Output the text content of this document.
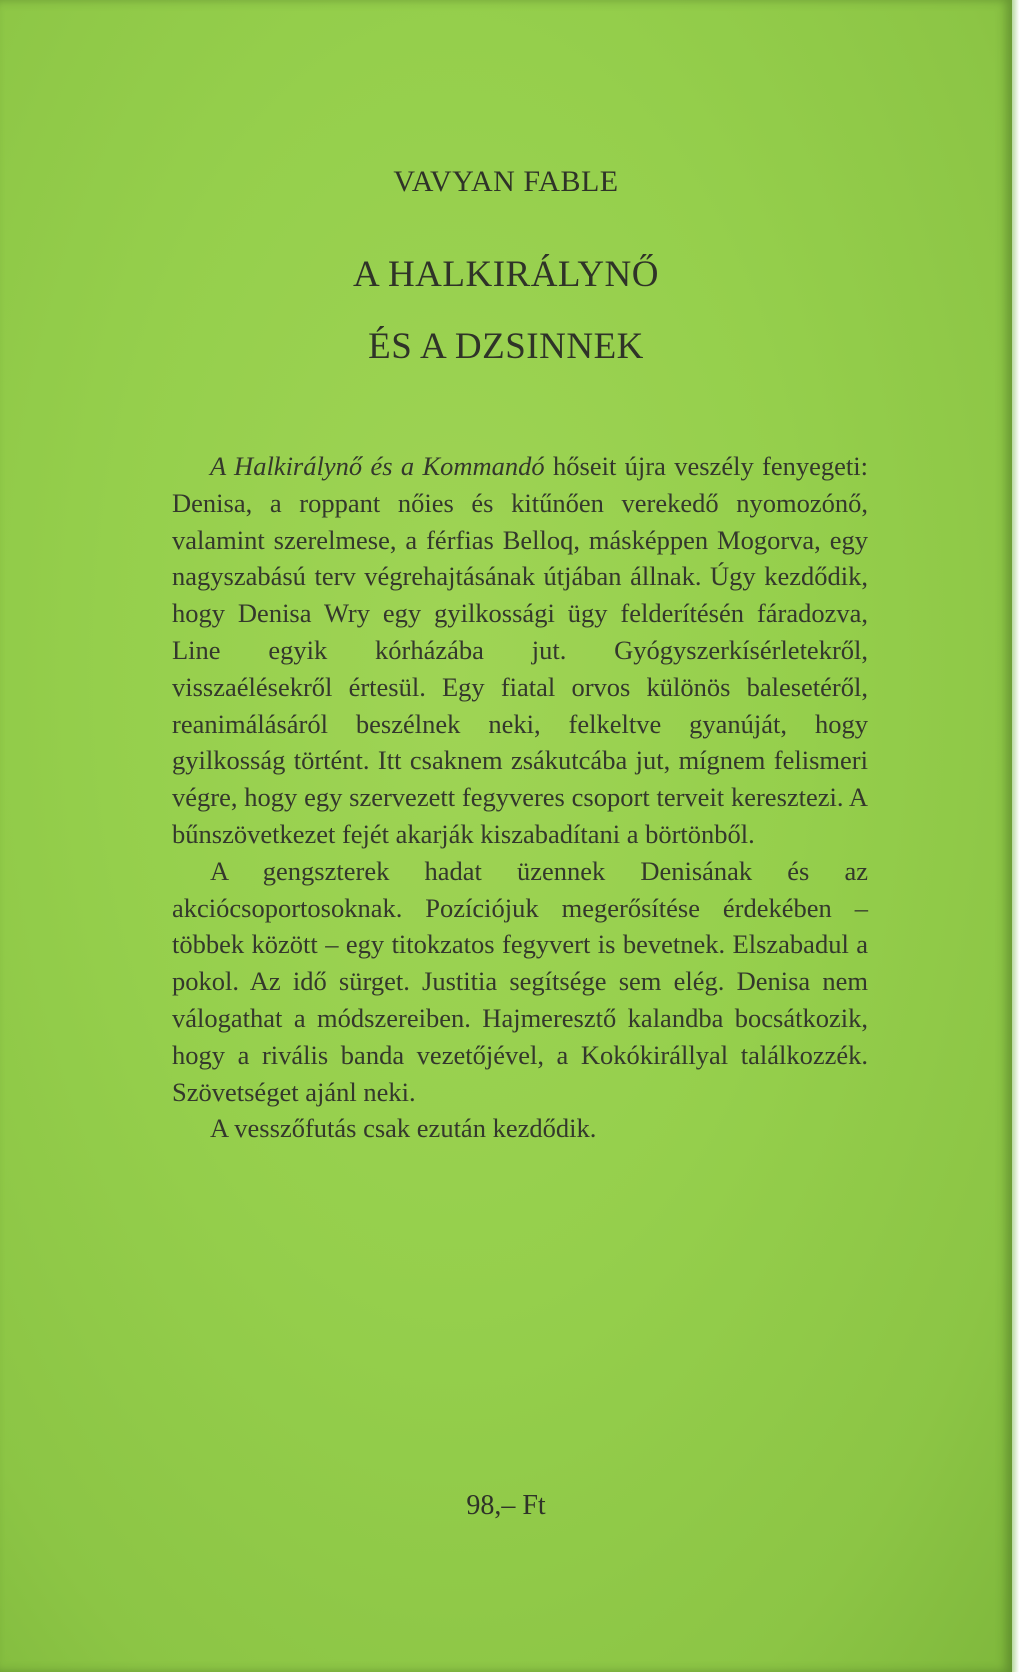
VAVYAN FABLE
A HALKIRÁLYNŐ
ÉS A DZSINNEK

A Halkirálynő és a Kommandó hőseit újra veszély fenyegeti: Denisa, a roppant nőies és kitűnően verekedő nyomozónő, valamint szerelmese, a férfias Belloq, másképpen Mogorva, egy nagyszabású terv végrehajtásának útjában állnak. Úgy kezdődik, hogy Denisa Wry egy gyilkossági ügy felderítésén fáradozva, Line egyik kórházába jut. Gyógyszerkísérletekről, visszaélésekről értesül. Egy fiatal orvos különös balesetéről, reanimálásáról beszélnek neki, felkeltve gyanúját, hogy gyilkosság történt. Itt csaknem zsákutcába jut, mígnem felismeri végre, hogy egy szervezett fegyveres csoport terveit keresztezi. A bűnszövetkezet fejét akarják kiszabadítani a börtönből.

A gengszterek hadat üzennek Denisának és az akciócsoportosoknak. Pozíciójuk megerősítése érdekében – többek között – egy titokzatos fegyvert is bevetnek. Elszabadul a pokol. Az idő sürget. Justitia segítsége sem elég. Denisa nem válogathat a módszereiben. Hajmeresztő kalandba bocsátkozik, hogy a rivális banda vezetőjével, a Kokókirállyal találkozzék. Szövetséget ajánl neki.

A vesszőfutás csak ezután kezdődik.

98,– Ft
